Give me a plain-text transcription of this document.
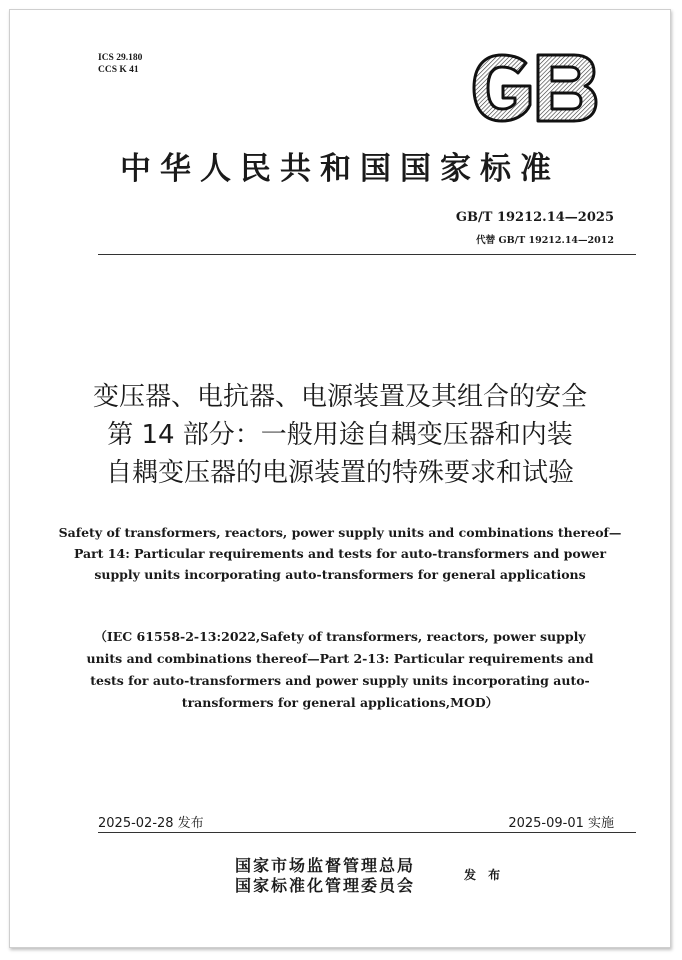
ICS 29.180
CCS K 41
中华人民共和国国家标准
GB/T 19212.14—2025
代替 GB/T 19212.14—2012
变压器、电抗器、电源装置及其组合的安全
第 14 部分：一般用途自耦变压器和内装
自耦变压器的电源装置的特殊要求和试验
Safety of transformers, reactors, power supply units and combinations thereof—
Part 14: Particular requirements and tests for auto-transformers and power
supply units incorporating auto-transformers for general applications
（IEC 61558-2-13:2022,Safety of transformers, reactors, power supply
units and combinations thereof—Part 2-13: Particular requirements and
tests for auto-transformers and power supply units incorporating auto-
transformers for general applications,MOD）
2025-02-28 发布	2025-09-01 实施
国家市场监督管理总局
国家标准化管理委员会
发 布
